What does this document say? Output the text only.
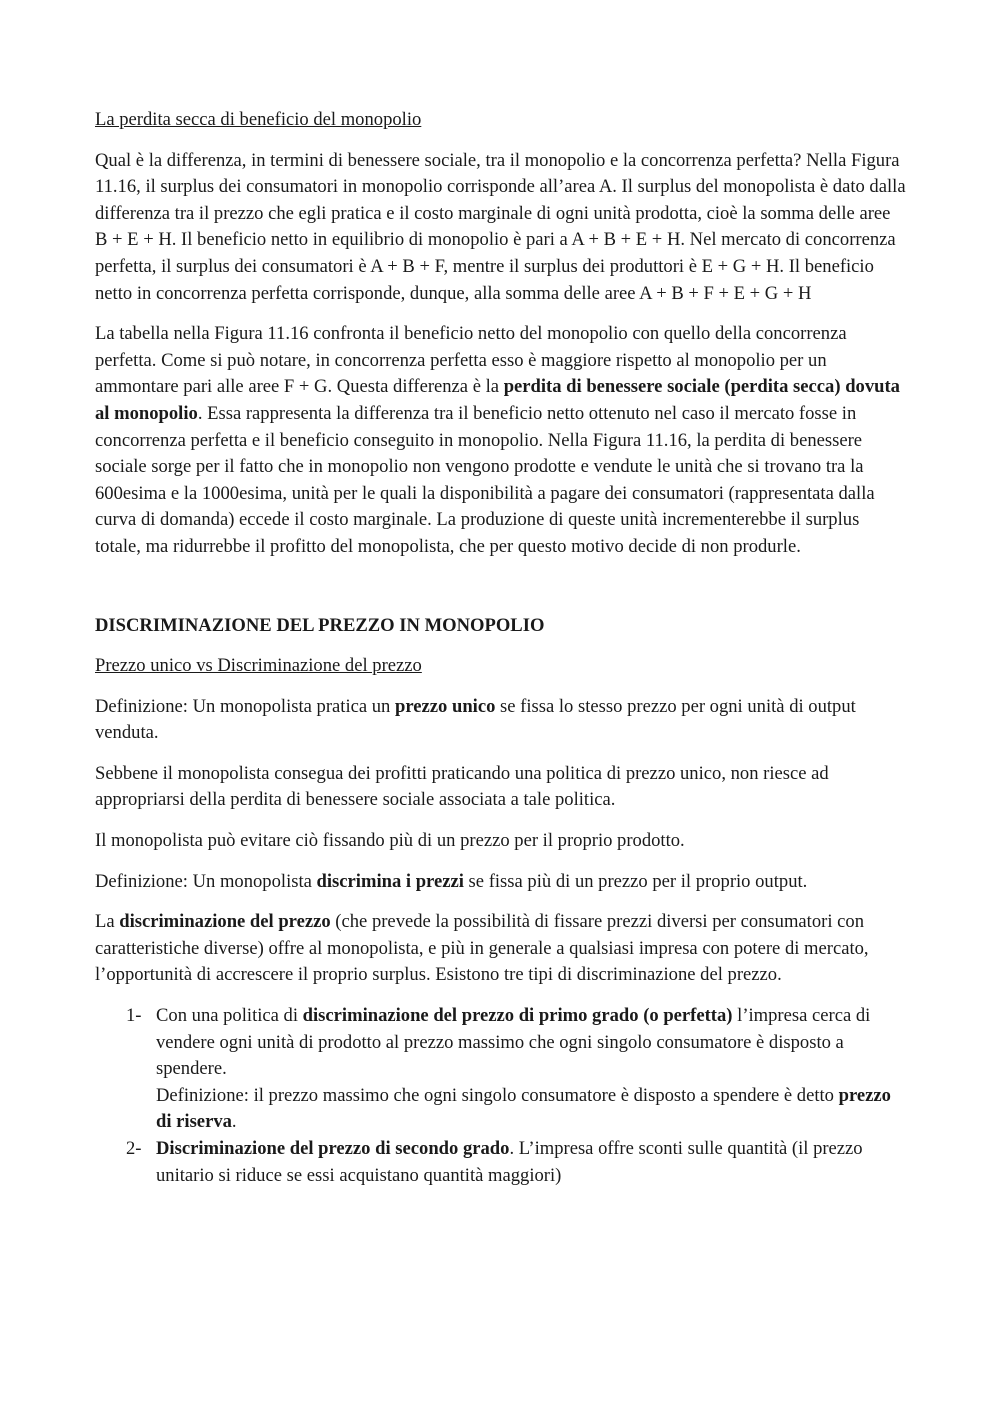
La perdita secca di beneficio del monopolio

Qual è la differenza, in termini di benessere sociale, tra il monopolio e la concorrenza perfetta? Nella Figura 11.16, il surplus dei consumatori in monopolio corrisponde all’area A. Il surplus del monopolista è dato dalla differenza tra il prezzo che egli pratica e il costo marginale di ogni unità prodotta, cioè la somma delle aree B + E + H. Il beneficio netto in equilibrio di monopolio è pari a A + B + E + H. Nel mercato di concorrenza perfetta, il surplus dei consumatori è A + B + F, mentre il surplus dei produttori è E + G + H. Il beneficio netto in concorrenza perfetta corrisponde, dunque, alla somma delle aree A + B + F + E + G + H

La tabella nella Figura 11.16 confronta il beneficio netto del monopolio con quello della concorrenza perfetta. Come si può notare, in concorrenza perfetta esso è maggiore rispetto al monopolio per un ammontare pari alle aree F + G. Questa differenza è la perdita di benessere sociale (perdita secca) dovuta al monopolio. Essa rappresenta la differenza tra il beneficio netto ottenuto nel caso il mercato fosse in concorrenza perfetta e il beneficio conseguito in monopolio. Nella Figura 11.16, la perdita di benessere sociale sorge per il fatto che in monopolio non vengono prodotte e vendute le unità che si trovano tra la 600esima e la 1000esima, unità per le quali la disponibilità a pagare dei consumatori (rappresentata dalla curva di domanda) eccede il costo marginale. La produzione di queste unità incrementerebbe il surplus totale, ma ridurrebbe il profitto del monopolista, che per questo motivo decide di non produrle.

DISCRIMINAZIONE DEL PREZZO IN MONOPOLIO

Prezzo unico vs Discriminazione del prezzo

Definizione: Un monopolista pratica un prezzo unico se fissa lo stesso prezzo per ogni unità di output venduta.

Sebbene il monopolista consegua dei profitti praticando una politica di prezzo unico, non riesce ad appropriarsi della perdita di benessere sociale associata a tale politica.

Il monopolista può evitare ciò fissando più di un prezzo per il proprio prodotto.

Definizione: Un monopolista discrimina i prezzi se fissa più di un prezzo per il proprio output.

La discriminazione del prezzo (che prevede la possibilità di fissare prezzi diversi per consumatori con caratteristiche diverse) offre al monopolista, e più in generale a qualsiasi impresa con potere di mercato, l’opportunità di accrescere il proprio surplus. Esistono tre tipi di discriminazione del prezzo.

1- Con una politica di discriminazione del prezzo di primo grado (o perfetta) l’impresa cerca di vendere ogni unità di prodotto al prezzo massimo che ogni singolo consumatore è disposto a spendere.
Definizione: il prezzo massimo che ogni singolo consumatore è disposto a spendere è detto prezzo di riserva.
2- Discriminazione del prezzo di secondo grado. L’impresa offre sconti sulle quantità (il prezzo unitario si riduce se essi acquistano quantità maggiori)
